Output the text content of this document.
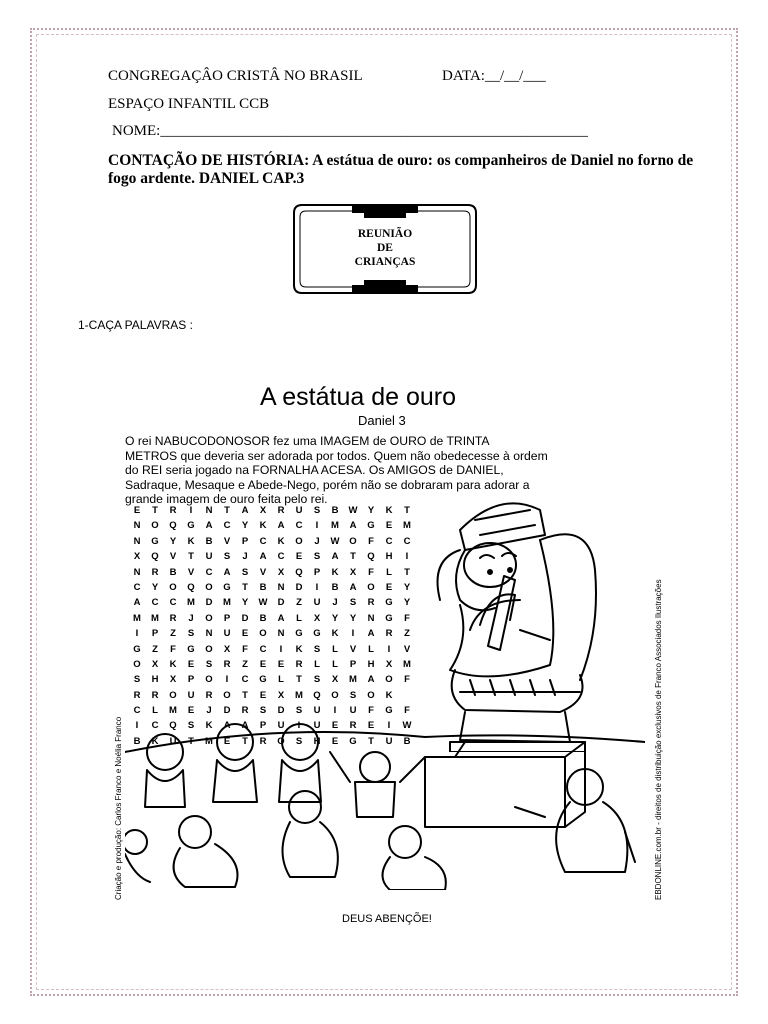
CONGREGAÇÂO CRISTÂ NO BRASIL	DATA:__/__/___
ESPAÇO INFANTIL CCB
NOME:_________________________________________________________
CONTAÇÃO DE HISTÓRIA: A estátua de ouro: os companheiros de Daniel no forno de fogo ardente. DANIEL CAP.3
REUNIÃO
DE
CRIANÇAS
1-CAÇA PALAVRAS :
A estátua de ouro
Daniel 3
O rei NABUCODONOSOR fez uma IMAGEM de OURO de TRINTA
METROS que deveria ser adorada por todos. Quem não obedecesse à ordem
do REI seria jogado na FORNALHA ACESA. Os AMIGOS de DANIEL,
Sadraque, Mesaque e Abede-Nego, porém não se dobraram para adorar a
grande imagem de ouro feita pelo rei.
E	T	R	I	N	T	A	X	R	U	S	B	W	Y	K	T
N	O	Q	G	A	C	Y	K	A	C	I	M	A	G	E	M
N	G	Y	K	B	V	P	C	K	O	J	W	O	F	C	C
X	Q	V	T	U	S	J	A	C	E	S	A	T	Q	H	I
N	R	B	V	C	A	S	V	X	Q	P	K	X	F	L	T
C	Y	O	Q	O	G	T	B	N	D	I	B	A	O	E	Y
A	C	C	M	D	M	Y	W	D	Z	U	J	S	R	G	Y
M	M	R	J	O	P	D	B	A	L	X	Y	Y	N	G	F
I	P	Z	S	N	U	E	O	N	G	G	K	I	A	R	Z
G	Z	F	G	O	X	F	C	I	K	S	L	V	L	I	V
O	X	K	E	S	R	Z	E	E	R	L	L	P	H	X	M
S	H	X	P	O	I	C	G	L	T	S	X	M	A	O	F
R	R	O	U	R	O	T	E	X	M	Q	O	S	O	K
C	L	M	E	J	D	R	S	D	S	U	I	U	F	G	F
I	C	Q	S	K	A	A	P	U	I	U	E	R	E	I	W
B	K	U	T	M	E	T	R	O	S	H	E	G	T	U	B
Criação e produção: Carlos Franco e Noélia Franco	EBDONLINE.com.br - direitos de distribuição exclusivos de Franco Associados Ilustrações
DEUS ABENÇÕE!
